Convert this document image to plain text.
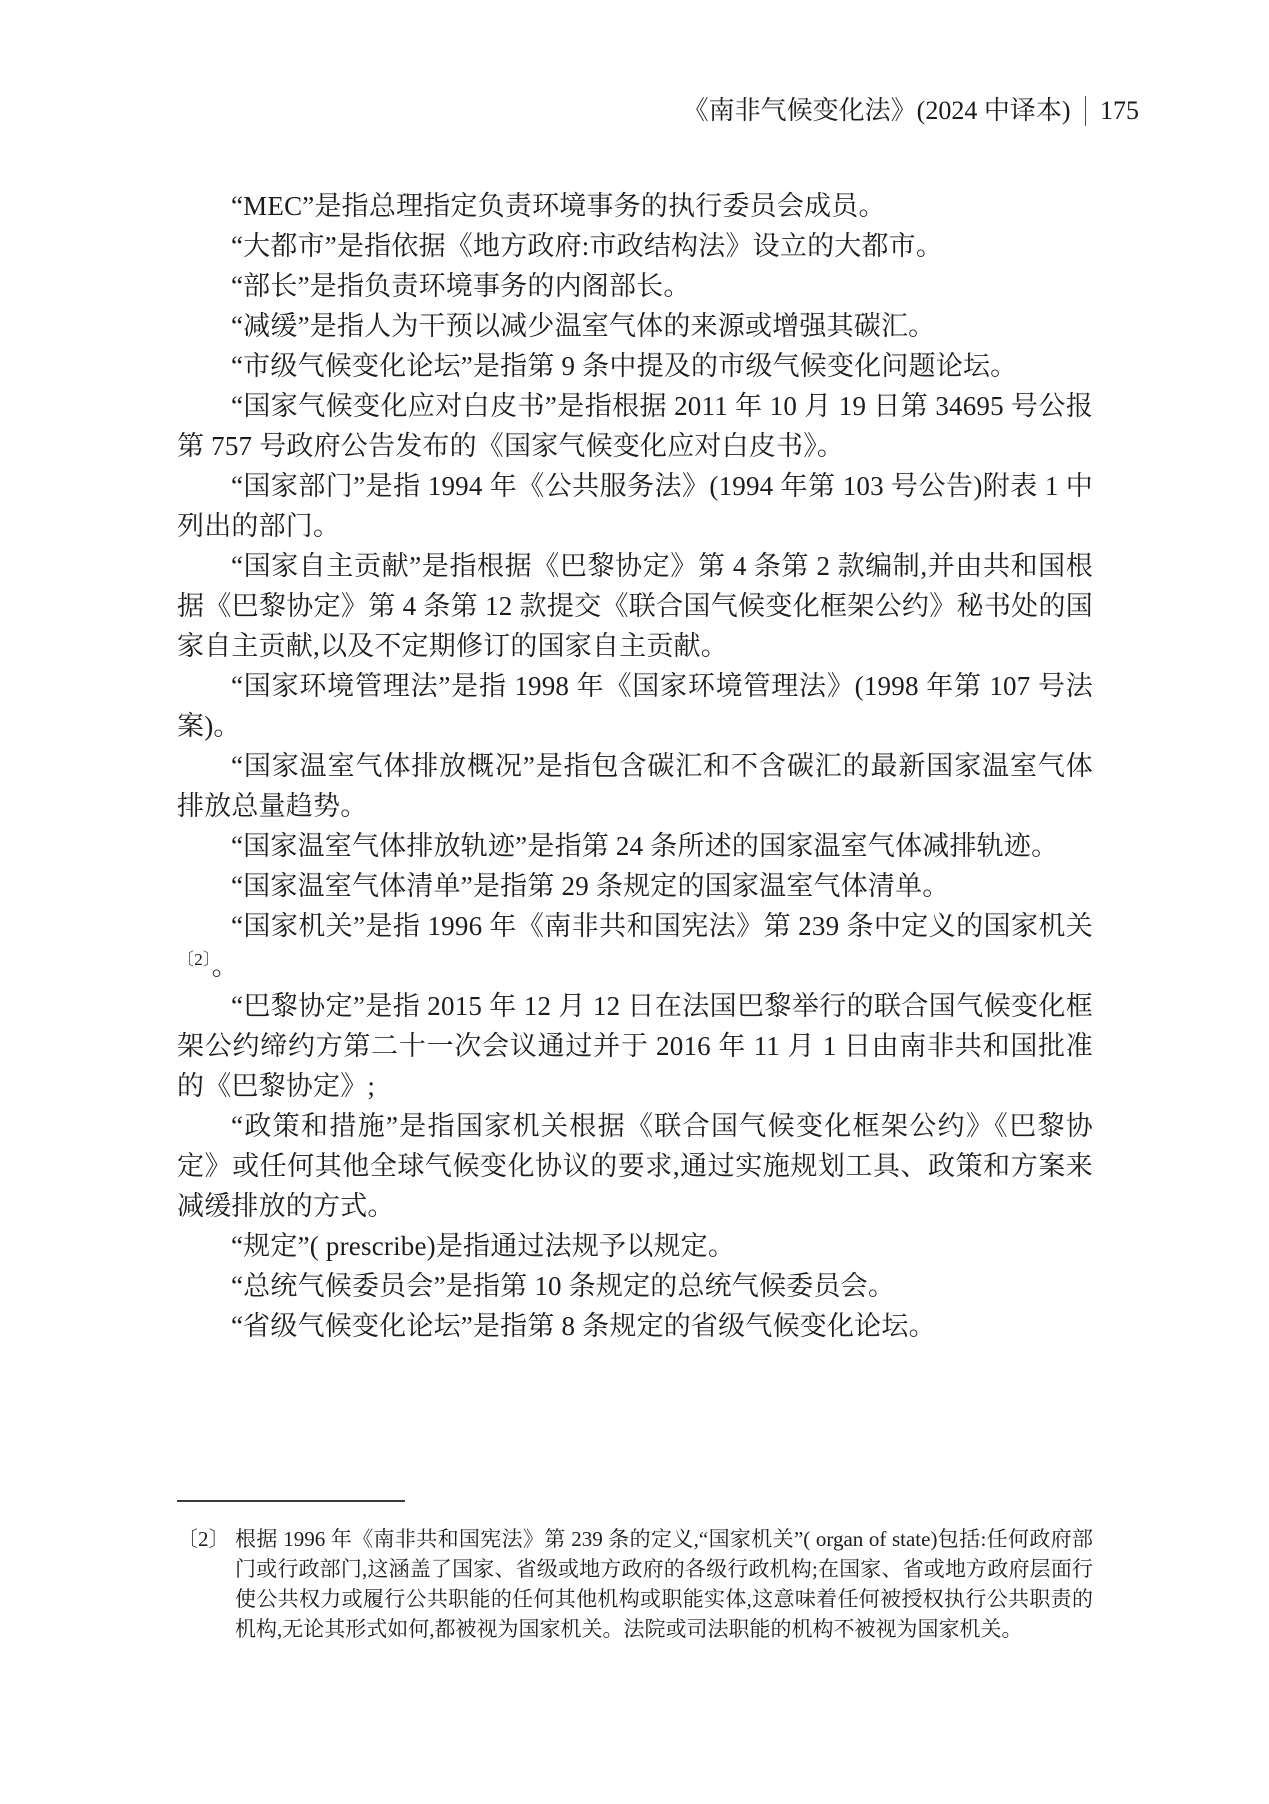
《南非气候变化法》(2024 中译本) 175

“MEC”是指总理指定负责环境事务的执行委员会成员。

“大都市”是指依据《地方政府:市政结构法》设立的大都市。

“部长”是指负责环境事务的内阁部长。

“减缓”是指人为干预以减少温室气体的来源或增强其碳汇。

“市级气候变化论坛”是指第 9 条中提及的市级气候变化问题论坛。

“国家气候变化应对白皮书”是指根据 2011 年 10 月 19 日第 34695 号公报第 757 号政府公告发布的《国家气候变化应对白皮书》。

“国家部门”是指 1994 年《公共服务法》(1994 年第 103 号公告)附表 1 中列出的部门。

“国家自主贡献”是指根据《巴黎协定》第 4 条第 2 款编制,并由共和国根据《巴黎协定》第 4 条第 12 款提交《联合国气候变化框架公约》秘书处的国家自主贡献,以及不定期修订的国家自主贡献。

“国家环境管理法”是指 1998 年《国家环境管理法》(1998 年第 107 号法案)。

“国家温室气体排放概况”是指包含碳汇和不含碳汇的最新国家温室气体排放总量趋势。

“国家温室气体排放轨迹”是指第 24 条所述的国家温室气体减排轨迹。

“国家温室气体清单”是指第 29 条规定的国家温室气体清单。

“国家机关”是指 1996 年《南非共和国宪法》第 239 条中定义的国家机关$^{〔2〕}$。

“巴黎协定”是指 2015 年 12 月 12 日在法国巴黎举行的联合国气候变化框架公约缔约方第二十一次会议通过并于 2016 年 11 月 1 日由南非共和国批准的《巴黎协定》;

“政策和措施”是指国家机关根据《联合国气候变化框架公约》《巴黎协定》或任何其他全球气候变化协议的要求,通过实施规划工具、政策和方案来减缓排放的方式。

“规定”( prescribe)是指通过法规予以规定。

“总统气候委员会”是指第 10 条规定的总统气候委员会。

“省级气候变化论坛”是指第 8 条规定的省级气候变化论坛。

〔2〕 根据 1996 年《南非共和国宪法》第 239 条的定义,“国家机关”( organ of state)包括:任何政府部门或行政部门,这涵盖了国家、省级或地方政府的各级行政机构;在国家、省或地方政府层面行使公共权力或履行公共职能的任何其他机构或职能实体,这意味着任何被授权执行公共职责的机构,无论其形式如何,都被视为国家机关。法院或司法职能的机构不被视为国家机关。
